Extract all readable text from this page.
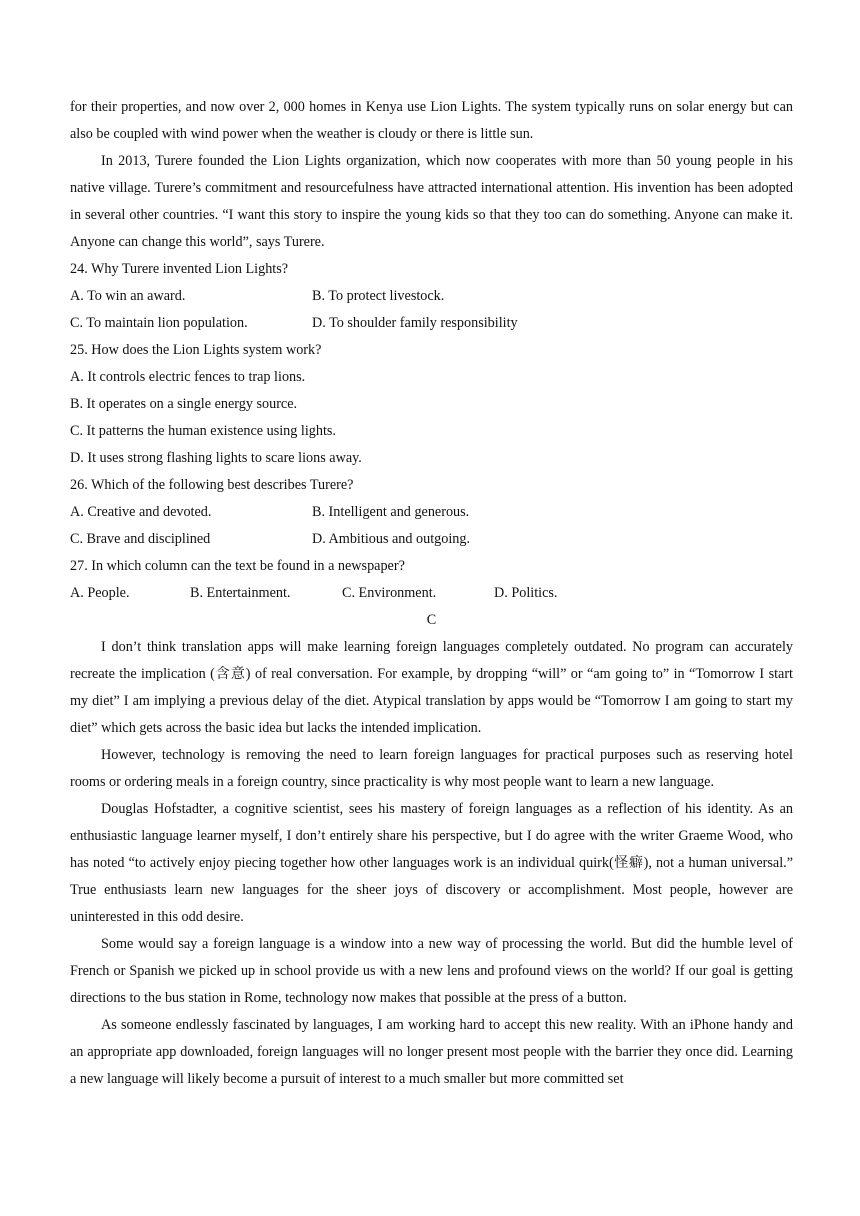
for their properties, and now over 2, 000 homes in Kenya use Lion Lights. The system typically runs on solar energy but can also be coupled with wind power when the weather is cloudy or there is little sun.

In 2013, Turere founded the Lion Lights organization, which now cooperates with more than 50 young people in his native village. Turere’s commitment and resourcefulness have attracted international attention. His invention has been adopted in several other countries. “I want this story to inspire the young kids so that they too can do something. Anyone can make it. Anyone can change this world”, says Turere.

24. Why Turere invented Lion Lights?

A. To win an award.	B. To protect livestock.
C. To maintain lion population.	D. To shoulder family responsibility

25. How does the Lion Lights system work?

A. It controls electric fences to trap lions.

B. It operates on a single energy source.

C. It patterns the human existence using lights.

D. It uses strong flashing lights to scare lions away.

26. Which of the following best describes Turere?

A. Creative and devoted.	B. Intelligent and generous.
C. Brave and disciplined	D. Ambitious and outgoing.

27. In which column can the text be found in a newspaper?

A. People.	B. Entertainment.	C. Environment.	D. Politics.

C

I don’t think translation apps will make learning foreign languages completely outdated. No program can accurately recreate the implication (含意) of real conversation. For example, by dropping “will” or “am going to” in “Tomorrow I start my diet” I am implying a previous delay of the diet. Atypical translation by apps would be “Tomorrow I am going to start my diet” which gets across the basic idea but lacks the intended implication.

However, technology is removing the need to learn foreign languages for practical purposes such as reserving hotel rooms or ordering meals in a foreign country, since practicality is why most people want to learn a new language.

Douglas Hofstadter, a cognitive scientist, sees his mastery of foreign languages as a reflection of his identity. As an enthusiastic language learner myself, I don’t entirely share his perspective, but I do agree with the writer Graeme Wood, who has noted “to actively enjoy piecing together how other languages work is an individual quirk(怪癖), not a human universal.” True enthusiasts learn new languages for the sheer joys of discovery or accomplishment. Most people, however are uninterested in this odd desire.

Some would say a foreign language is a window into a new way of processing the world. But did the humble level of French or Spanish we picked up in school provide us with a new lens and profound views on the world? If our goal is getting directions to the bus station in Rome, technology now makes that possible at the press of a button.

As someone endlessly fascinated by languages, I am working hard to accept this new reality. With an iPhone handy and an appropriate app downloaded, foreign languages will no longer present most people with the barrier they once did. Learning a new language will likely become a pursuit of interest to a much smaller but more committed set
